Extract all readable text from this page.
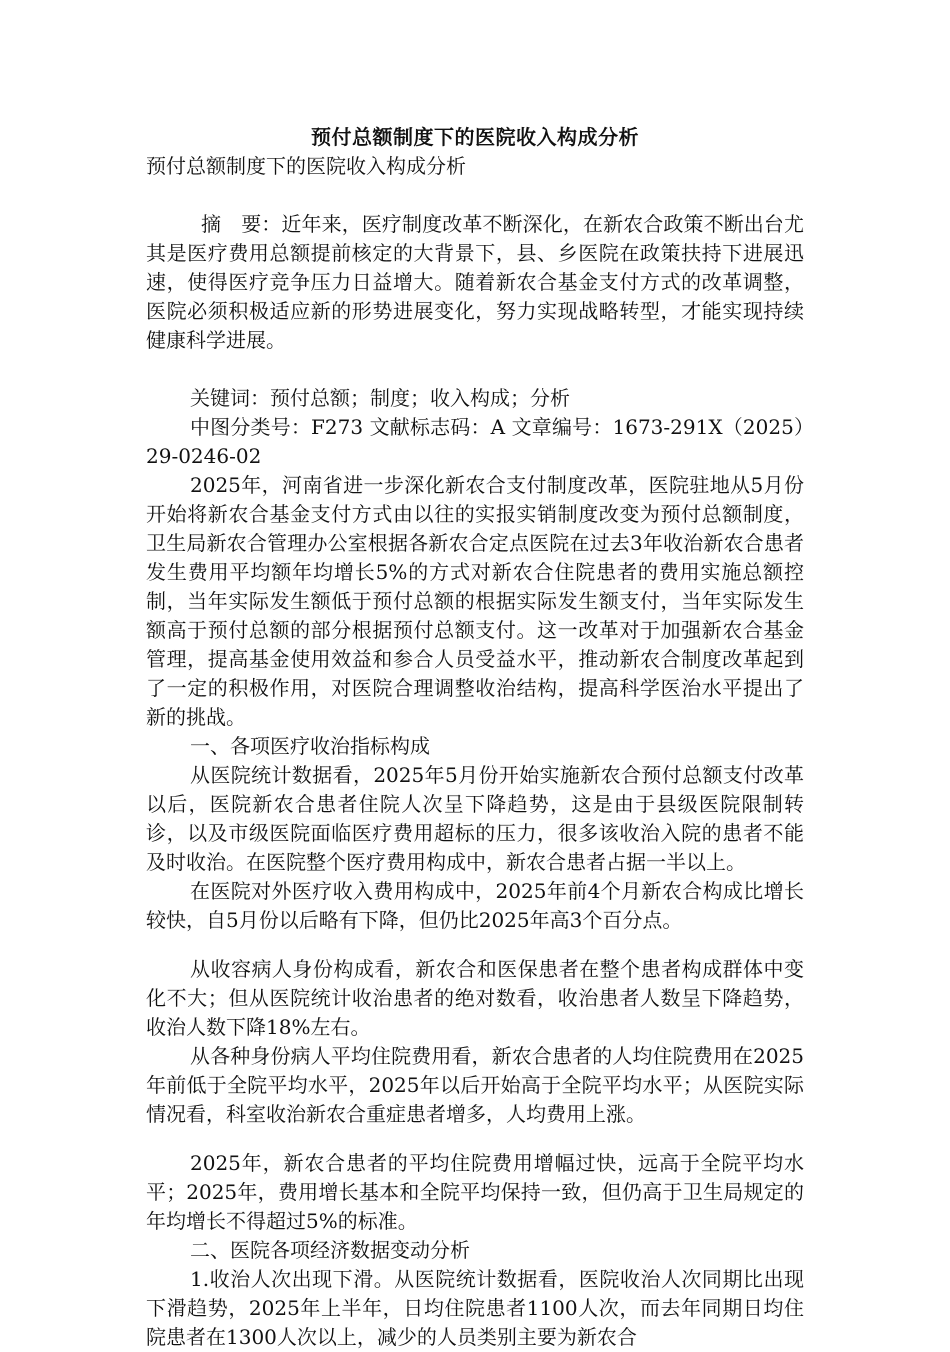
预付总额制度下的医院收入构成分析

预付总额制度下的医院收入构成分析

摘　要：近年来，医疗制度改革不断深化，在新农合政策不断出台尤其是医疗费用总额提前核定的大背景下，县、乡医院在政策扶持下进展迅速，使得医疗竞争压力日益增大。随着新农合基金支付方式的改革调整，医院必须积极适应新的形势进展变化，努力实现战略转型，才能实现持续健康科学进展。

关键词：预付总额；制度；收入构成；分析

中图分类号：F273 文献标志码：A 文章编号：1673-291X（2025）29-0246-02

2025年，河南省进一步深化新农合支付制度改革，医院驻地从5月份开始将新农合基金支付方式由以往的实报实销制度改变为预付总额制度，卫生局新农合管理办公室根据各新农合定点医院在过去3年收治新农合患者发生费用平均额年均增长5%的方式对新农合住院患者的费用实施总额控制，当年实际发生额低于预付总额的根据实际发生额支付，当年实际发生额高于预付总额的部分根据预付总额支付。这一改革对于加强新农合基金管理，提高基金使用效益和参合人员受益水平，推动新农合制度改革起到了一定的积极作用，对医院合理调整收治结构，提高科学医治水平提出了新的挑战。

一、各项医疗收治指标构成

从医院统计数据看，2025年5月份开始实施新农合预付总额支付改革以后，医院新农合患者住院人次呈下降趋势，这是由于县级医院限制转诊，以及市级医院面临医疗费用超标的压力，很多该收治入院的患者不能及时收治。在医院整个医疗费用构成中，新农合患者占据一半以上。

在医院对外医疗收入费用构成中，2025年前4个月新农合构成比增长较快，自5月份以后略有下降，但仍比2025年高3个百分点。

从收容病人身份构成看，新农合和医保患者在整个患者构成群体中变化不大；但从医院统计收治患者的绝对数看，收治患者人数呈下降趋势，收治人数下降18%左右。

从各种身份病人平均住院费用看，新农合患者的人均住院费用在2025年前低于全院平均水平，2025年以后开始高于全院平均水平；从医院实际情况看，科室收治新农合重症患者增多，人均费用上涨。

2025年，新农合患者的平均住院费用增幅过快，远高于全院平均水平；2025年，费用增长基本和全院平均保持一致，但仍高于卫生局规定的年均增长不得超过5%的标准。

二、医院各项经济数据变动分析

1.收治人次出现下滑。从医院统计数据看，医院收治人次同期比出现下滑趋势，2025年上半年，日均住院患者1100人次，而去年同期日均住院患者在1300人次以上，减少的人员类别主要为新农合
